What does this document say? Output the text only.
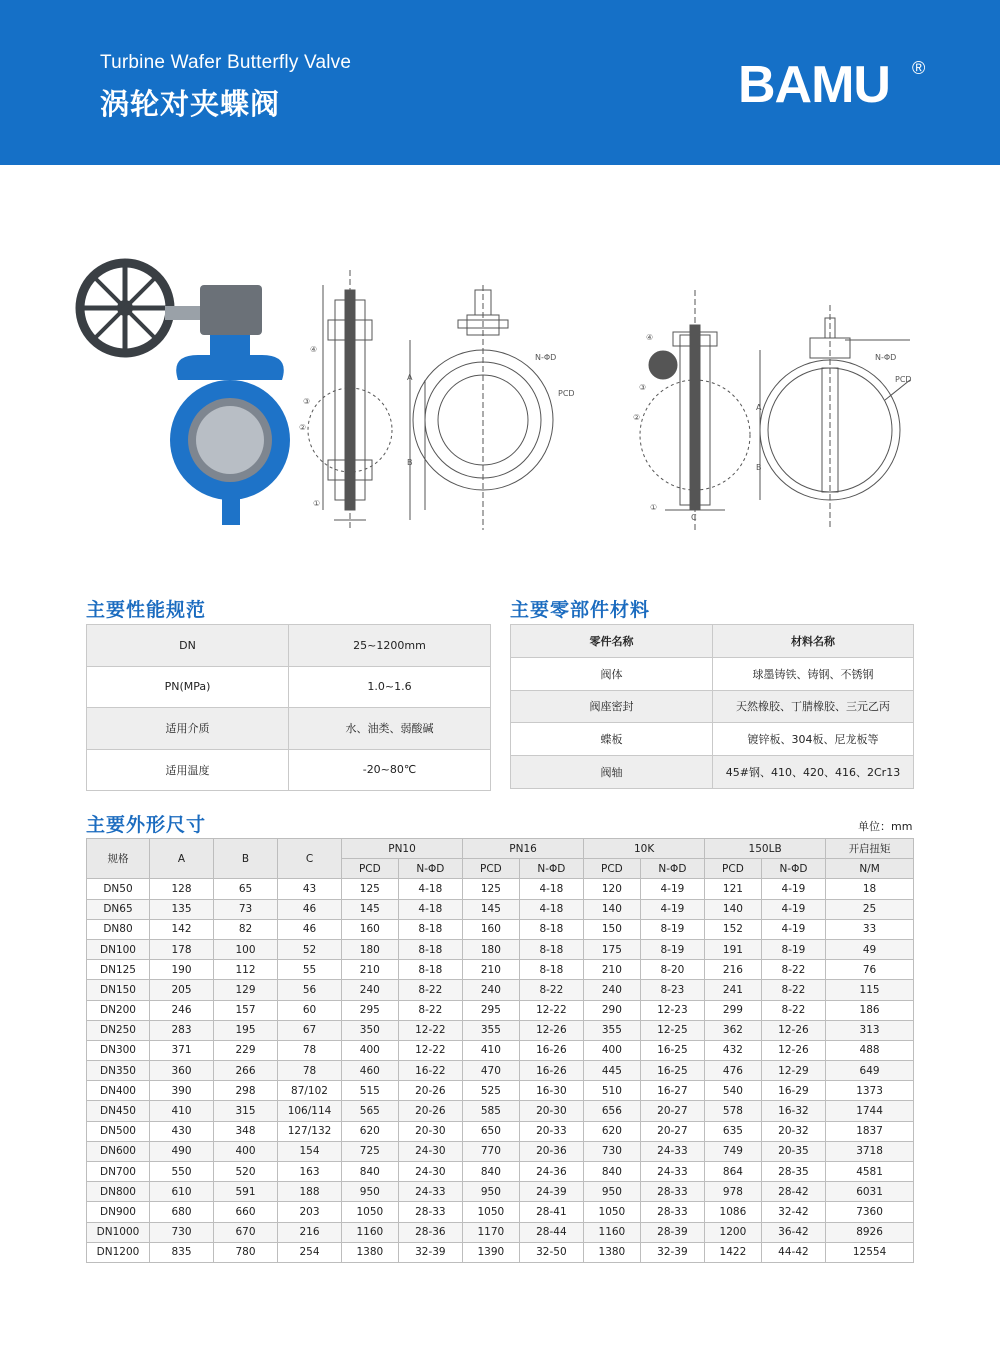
Turbine Wafer Butterfly Valve
涡轮对夹蝶阀	BAMU ®
N-ΦD
PCD
A
B
C
④
③
②
①
N-ΦD
PCD
A
B
C
④
③
②
①
主要性能规范
DN	25~1200mm
PN(MPa)	1.0~1.6
适用介质	水、油类、弱酸碱
适用温度	-20~80℃
主要零部件材料
零件名称	材料名称
阀体	球墨铸铁、铸钢、不锈钢
阀座密封	天然橡胶、丁腈橡胶、三元乙丙
蝶板	镀锌板、304板、尼龙板等
阀轴	45#钢、410、420、416、2Cr13
主要外形尺寸	单位：mm
规格	A	B	C	PN10		PN16		10K		150LB		开启扭矩
				PCD	N-ΦD	PCD	N-ΦD	PCD	N-ΦD	PCD	N-ΦD	N/M
DN50	128	65	43	125	4-18	125	4-18	120	4-19	121	4-19	18
DN65	135	73	46	145	4-18	145	4-18	140	4-19	140	4-19	25
DN80	142	82	46	160	8-18	160	8-18	150	8-19	152	4-19	33
DN100	178	100	52	180	8-18	180	8-18	175	8-19	191	8-19	49
DN125	190	112	55	210	8-18	210	8-18	210	8-20	216	8-22	76
DN150	205	129	56	240	8-22	240	8-22	240	8-23	241	8-22	115
DN200	246	157	60	295	8-22	295	12-22	290	12-23	299	8-22	186
DN250	283	195	67	350	12-22	355	12-26	355	12-25	362	12-26	313
DN300	371	229	78	400	12-22	410	16-26	400	16-25	432	12-26	488
DN350	360	266	78	460	16-22	470	16-26	445	16-25	476	12-29	649
DN400	390	298	87/102	515	20-26	525	16-30	510	16-27	540	16-29	1373
DN450	410	315	106/114	565	20-26	585	20-30	656	20-27	578	16-32	1744
DN500	430	348	127/132	620	20-30	650	20-33	620	20-27	635	20-32	1837
DN600	490	400	154	725	24-30	770	20-36	730	24-33	749	20-35	3718
DN700	550	520	163	840	24-30	840	24-36	840	24-33	864	28-35	4581
DN800	610	591	188	950	24-33	950	24-39	950	28-33	978	28-42	6031
DN900	680	660	203	1050	28-33	1050	28-41	1050	28-33	1086	32-42	7360
DN1000	730	670	216	1160	28-36	1170	28-44	1160	28-39	1200	36-42	8926
DN1200	835	780	254	1380	32-39	1390	32-50	1380	32-39	1422	44-42	12554
